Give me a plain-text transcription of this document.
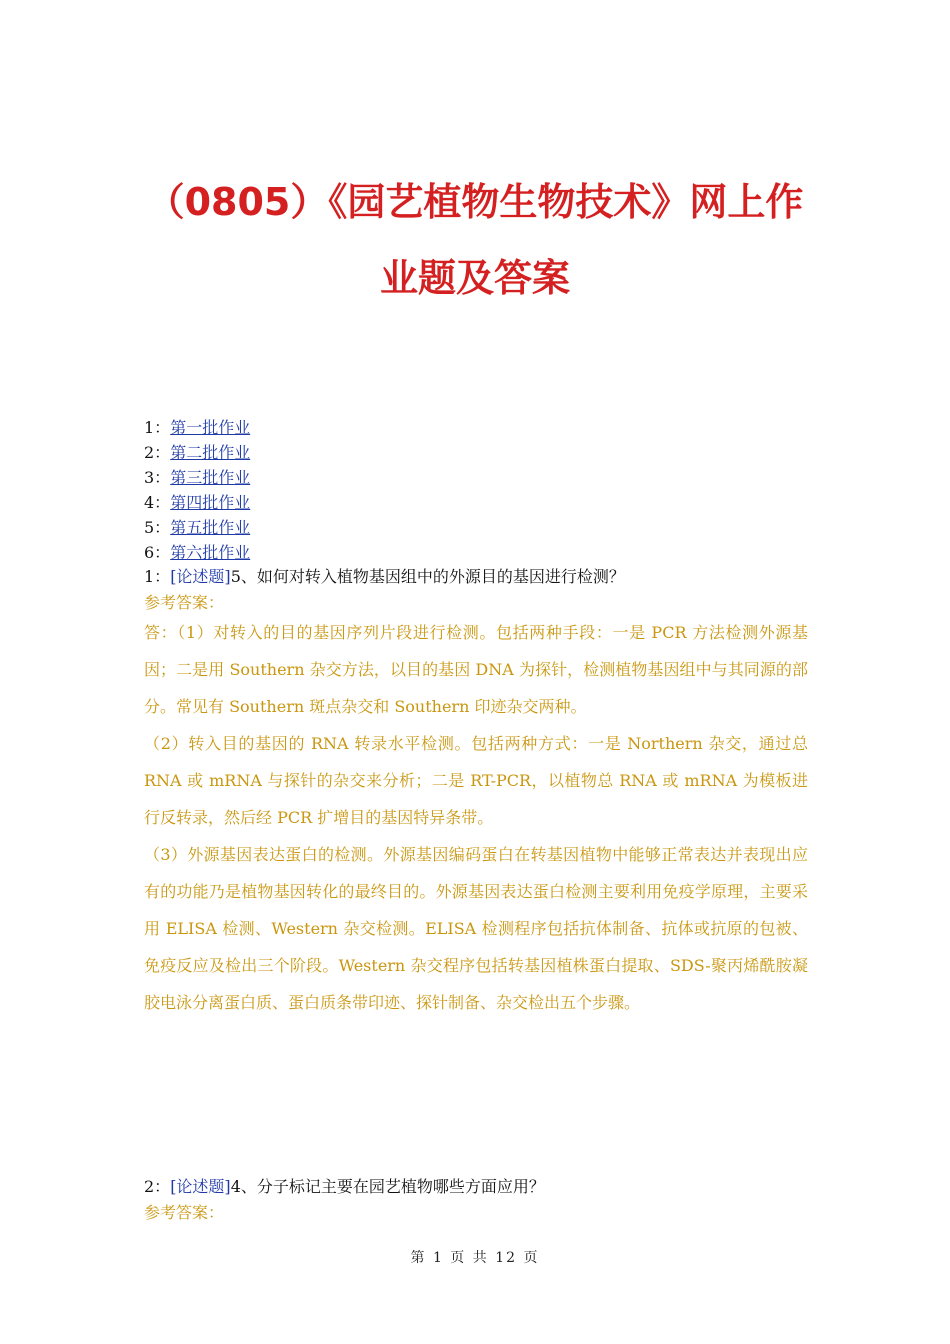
（0805）《园艺植物生物技术》网上作
业题及答案
1：第一批作业
2：第二批作业
3：第三批作业
4：第四批作业
5：第五批作业
6：第六批作业
1：[论述题]5、如何对转入植物基因组中的外源目的基因进行检测？
参考答案：

答：（1）对转入的目的基因序列片段进行检测。包括两种手段：一是 PCR 方法检测外源基因；二是用 Southern 杂交方法，以目的基因 DNA 为探针，检测植物基因组中与其同源的部分。常见有 Southern 斑点杂交和 Southern 印迹杂交两种。

（2）转入目的基因的 RNA 转录水平检测。包括两种方式：一是 Northern 杂交，通过总 RNA 或 mRNA 与探针的杂交来分析；二是 RT-PCR，以植物总 RNA 或 mRNA 为模板进行反转录，然后经 PCR 扩增目的基因特异条带。

（3）外源基因表达蛋白的检测。外源基因编码蛋白在转基因植物中能够正常表达并表现出应有的功能乃是植物基因转化的最终目的。外源基因表达蛋白检测主要利用免疫学原理，主要采用 ELISA 检测、Western 杂交检测。ELISA 检测程序包括抗体制备、抗体或抗原的包被、免疫反应及检出三个阶段。Western 杂交程序包括转基因植株蛋白提取、SDS-聚丙烯酰胺凝胶电泳分离蛋白质、蛋白质条带印迹、探针制备、杂交检出五个步骤。

2：[论述题]4、分子标记主要在园艺植物哪些方面应用？
参考答案：
第 1 页 共 12 页
